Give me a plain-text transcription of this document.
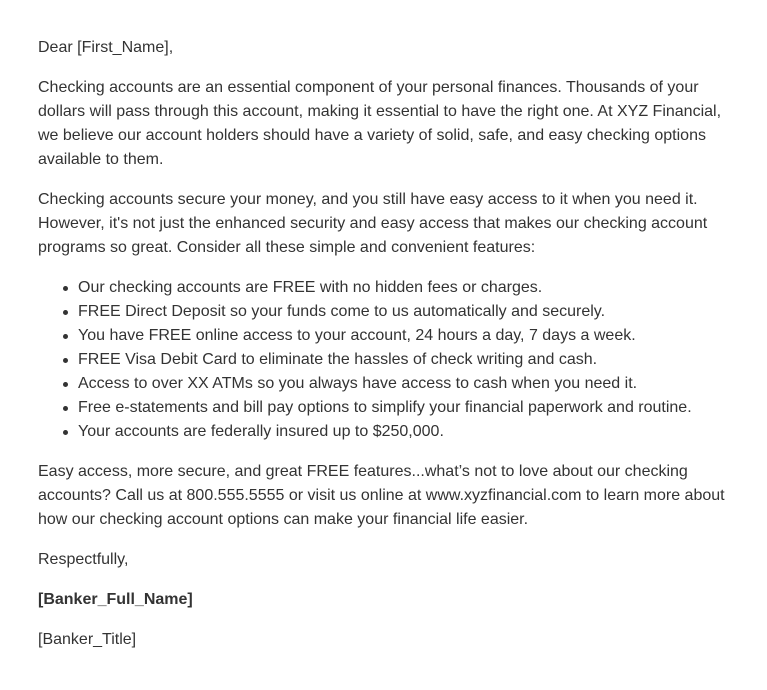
Dear [First_Name],

Checking accounts are an essential component of your personal finances. Thousands of your dollars will pass through this account, making it essential to have the right one. At XYZ Financial, we believe our account holders should have a variety of solid, safe, and easy checking options available to them.

Checking accounts secure your money, and you still have easy access to it when you need it. However, it's not just the enhanced security and easy access that makes our checking account programs so great. Consider all these simple and convenient features:

Our checking accounts are FREE with no hidden fees or charges.
FREE Direct Deposit so your funds come to us automatically and securely.
You have FREE online access to your account, 24 hours a day, 7 days a week.
FREE Visa Debit Card to eliminate the hassles of check writing and cash.
Access to over XX ATMs so you always have access to cash when you need it.
Free e-statements and bill pay options to simplify your financial paperwork and routine.
Your accounts are federally insured up to $250,000.

Easy access, more secure, and great FREE features...what’s not to love about our checking accounts? Call us at 800.555.5555 or visit us online at www.xyzfinancial.com to learn more about how our checking account options can make your financial life easier.

Respectfully,

[Banker_Full_Name]

[Banker_Title]
